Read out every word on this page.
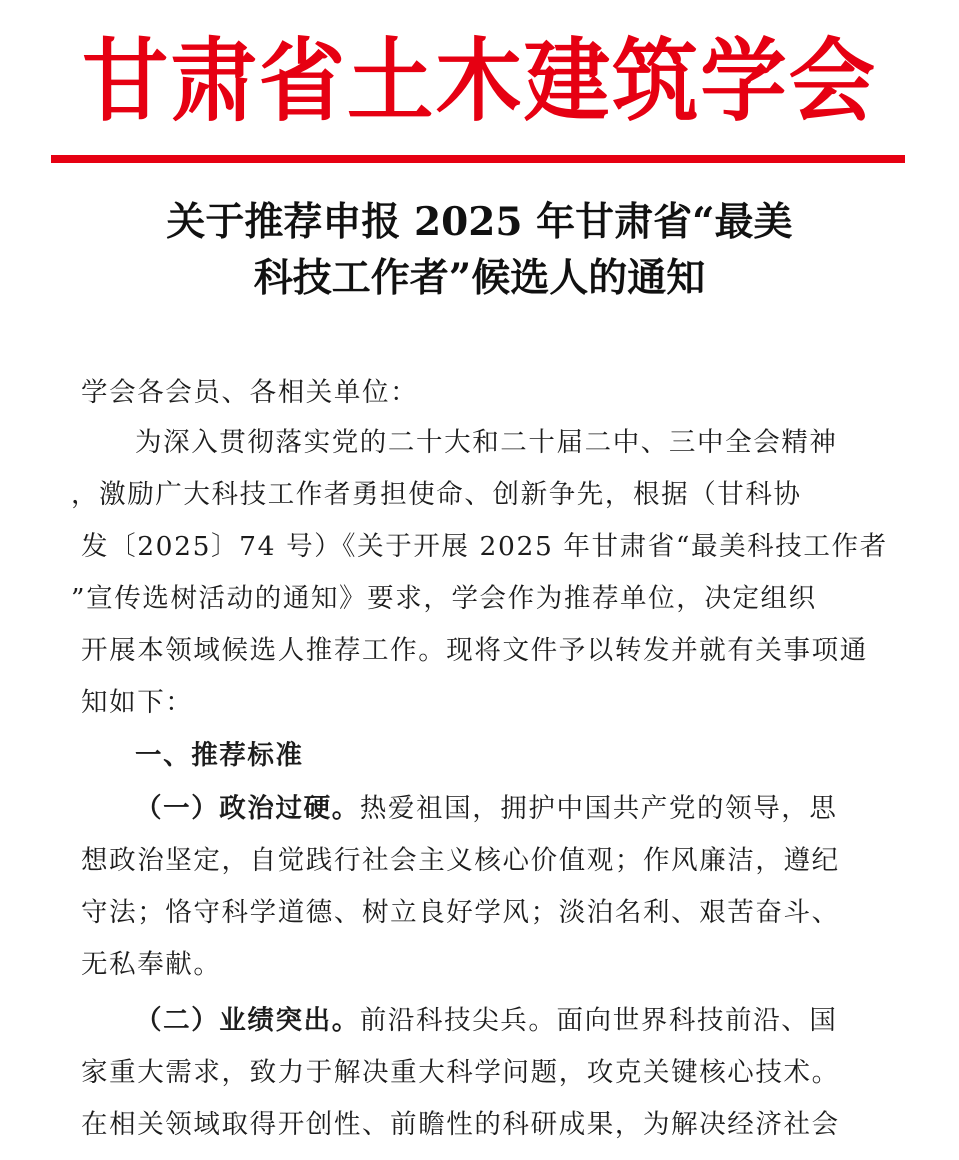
甘肃省土木建筑学会
关于推荐申报 2025 年甘肃省“最美
科技工作者”候选人的通知
学会各会员、各相关单位：
为深入贯彻落实党的二十大和二十届二中、三中全会精神
，激励广大科技工作者勇担使命、创新争先，根据（甘科协
发〔2025〕74 号）《关于开展 2025 年甘肃省“最美科技工作者
”宣传选树活动的通知》要求，学会作为推荐单位，决定组织
开展本领域候选人推荐工作。现将文件予以转发并就有关事项通
知如下：
一、推荐标准
（一）政治过硬。热爱祖国，拥护中国共产党的领导，思
想政治坚定，自觉践行社会主义核心价值观；作风廉洁，遵纪
守法；恪守科学道德、树立良好学风；淡泊名利、艰苦奋斗、
无私奉献。
（二）业绩突出。前沿科技尖兵。面向世界科技前沿、国
家重大需求，致力于解决重大科学问题，攻克关键核心技术。
在相关领域取得开创性、前瞻性的科研成果，为解决经济社会
